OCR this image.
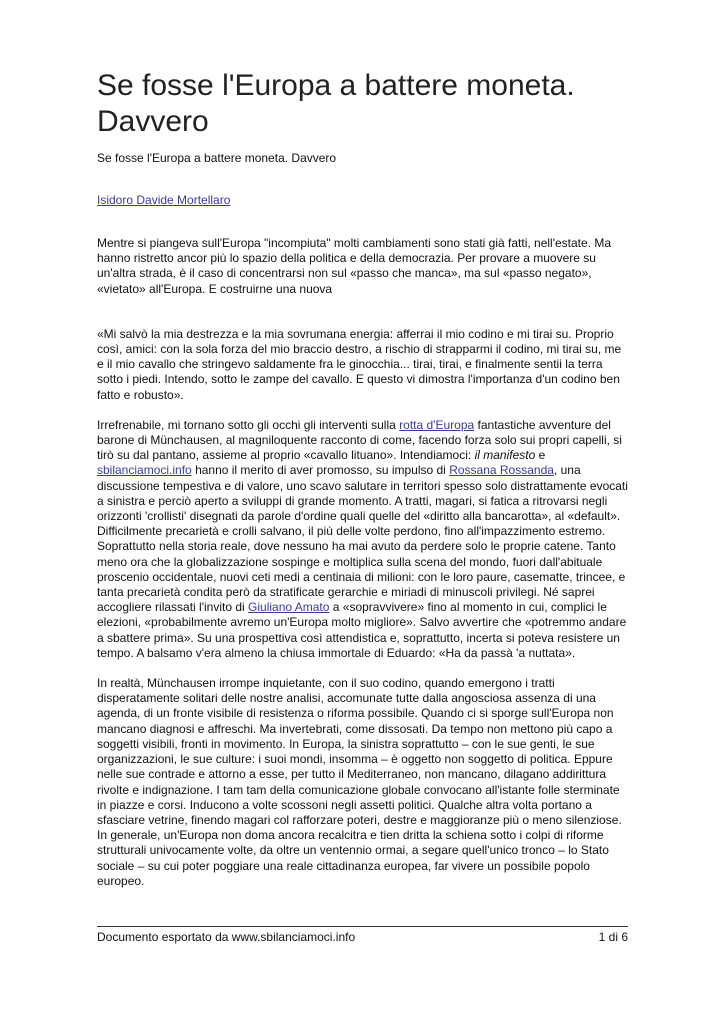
Se fosse l'Europa a battere moneta. Davvero

Se fosse l'Europa a battere moneta. Davvero

Isidoro Davide Mortellaro

Mentre si piangeva sull'Europa "incompiuta" molti cambiamenti sono stati già fatti, nell'estate. Ma hanno ristretto ancor più lo spazio della politica e della democrazia. Per provare a muovere su un'altra strada, è il caso di concentrarsi non sul «passo che manca», ma sul «passo negato», «vietato» all'Europa. E costruirne una nuova

«Mi salvò la mia destrezza e la mia sovrumana energia: afferrai il mio codino e mi tirai su. Proprio così, amici: con la sola forza del mio braccio destro, a rischio di strapparmi il codino, mi tirai su, me e il mio cavallo che stringevo saldamente fra le ginocchia... tirai, tirai, e finalmente sentii la terra sotto i piedi. Intendo, sotto le zampe del cavallo. E questo vi dimostra l'importanza d'un codino ben fatto e robusto».

Irrefrenabile, mi tornano sotto gli occhi gli interventi sulla rotta d'Europa fantastiche avventure del barone di Münchausen, al magniloquente racconto di come, facendo forza solo sui propri capelli, si tirò su dal pantano, assieme al proprio «cavallo lituano». Intendiamoci: il manifesto e sbilanciamoci.info hanno il merito di aver promosso, su impulso di Rossana Rossanda, una discussione tempestiva e di valore, uno scavo salutare in territori spesso solo distrattamente evocati a sinistra e perciò aperto a sviluppi di grande momento. A tratti, magari, si fatica a ritrovarsi negli orizzonti 'crollisti' disegnati da parole d'ordine quali quelle del «diritto alla bancarotta», al «default». Difficilmente precarietà e crolli salvano, il più delle volte perdono, fino all'impazzimento estremo. Soprattutto nella storia reale, dove nessuno ha mai avuto da perdere solo le proprie catene. Tanto meno ora che la globalizzazione sospinge e moltiplica sulla scena del mondo, fuori dall'abituale proscenio occidentale, nuovi ceti medi a centinaia di milioni: con le loro paure, casematte, trincee, e tanta precarietà condita però da stratificate gerarchie e miriadi di minuscoli privilegi. Né saprei accogliere rilassati l'invito di Giuliano Amato a «sopravvivere» fino al momento in cui, complici le elezioni, «probabilmente avremo un'Europa molto migliore». Salvo avvertire che «potremmo andare a sbattere prima». Su una prospettiva così attendistica e, soprattutto, incerta si poteva resistere un tempo. A balsamo v'era almeno la chiusa immortale di Eduardo: «Ha da passà 'a nuttata».

In realtà, Münchausen irrompe inquietante, con il suo codino, quando emergono i tratti disperatamente solitari delle nostre analisi, accomunate tutte dalla angosciosa assenza di una agenda, di un fronte visibile di resistenza o riforma possibile. Quando ci si sporge sull'Europa non mancano diagnosi e affreschi. Ma invertebrati, come dissosati. Da tempo non mettono più capo a soggetti visibili, fronti in movimento. In Europa, la sinistra soprattutto – con le sue genti, le sue organizzazioni, le sue culture: i suoi mondi, insomma – è oggetto non soggetto di politica. Eppure nelle sue contrade e attorno a esse, per tutto il Mediterraneo, non mancano, dilagano addirittura rivolte e indignazione. I tam tam della comunicazione globale convocano all'istante folle sterminate in piazze e corsi. Inducono a volte scossoni negli assetti politici. Qualche altra volta portano a sfasciare vetrine, finendo magari col rafforzare poteri, destre e maggioranze più o meno silenziose. In generale, un'Europa non doma ancora recalcitra e tien dritta la schiena sotto i colpi di riforme strutturali univocamente volte, da oltre un ventennio ormai, a segare quell'unico tronco – lo Stato sociale – su cui poter poggiare una reale cittadinanza europea, far vivere un possibile popolo europeo.

Documento esportato da www.sbilanciamoci.info	1 di 6
